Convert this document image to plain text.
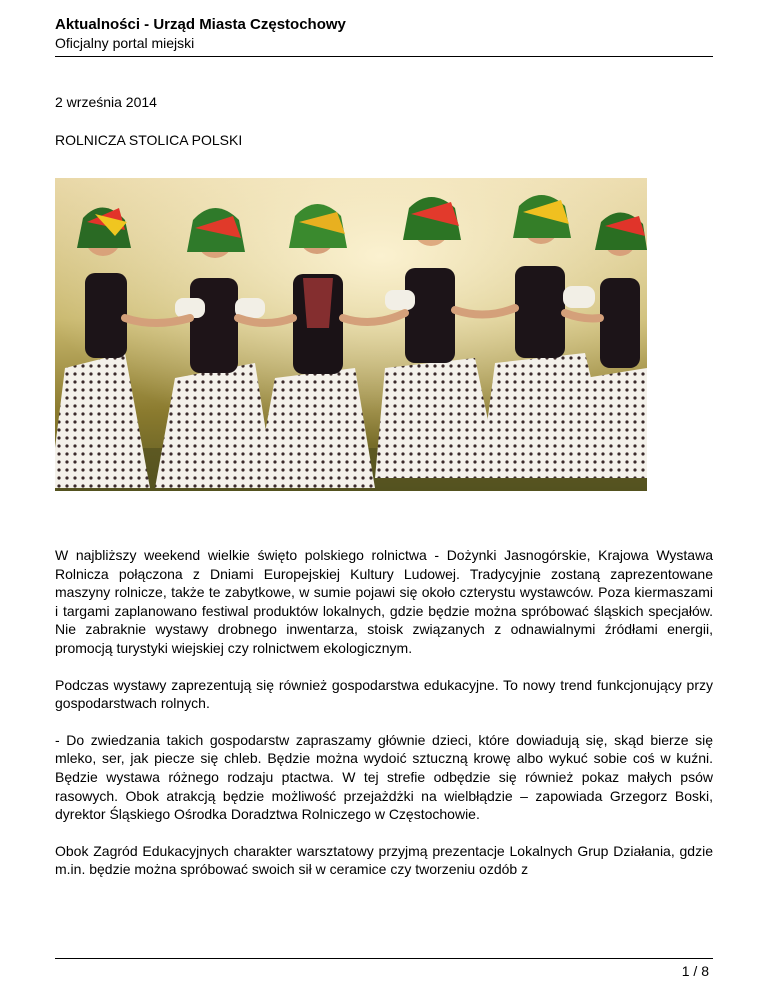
Aktualności - Urząd Miasta Częstochowy
Oficjalny portal miejski
2 września 2014
ROLNICZA STOLICA POLSKI

W najbliższy weekend wielkie święto polskiego rolnictwa - Dożynki Jasnogórskie, Krajowa Wystawa Rolnicza połączona z Dniami Europejskiej Kultury Ludowej. Tradycyjnie zostaną zaprezentowane maszyny rolnicze, także te zabytkowe, w sumie pojawi się około czterystu wystawców. Poza kiermaszami i targami zaplanowano festiwal produktów lokalnych, gdzie będzie można spróbować śląskich specjałów. Nie zabraknie wystawy drobnego inwentarza, stoisk związanych z odnawialnymi źródłami energii, promocją turystyki wiejskiej czy rolnictwem ekologicznym.

Podczas wystawy zaprezentują się również gospodarstwa edukacyjne. To nowy trend funkcjonujący przy gospodarstwach rolnych.

- Do zwiedzania takich gospodarstw zapraszamy głównie dzieci, które dowiadują się, skąd bierze się mleko, ser, jak piecze się chleb. Będzie można wydoić sztuczną krowę albo wykuć sobie coś w kuźni. Będzie wystawa różnego rodzaju ptactwa. W tej strefie odbędzie się również pokaz małych psów rasowych. Obok atrakcją będzie możliwość przejażdżki na wielbłądzie – zapowiada Grzegorz Boski, dyrektor Śląskiego Ośrodka Doradztwa Rolniczego w Częstochowie.

Obok Zagród Edukacyjnych charakter warsztatowy przyjmą prezentacje Lokalnych Grup Działania, gdzie m.in. będzie można spróbować swoich sił w ceramice czy tworzeniu ozdób z

1 / 8
